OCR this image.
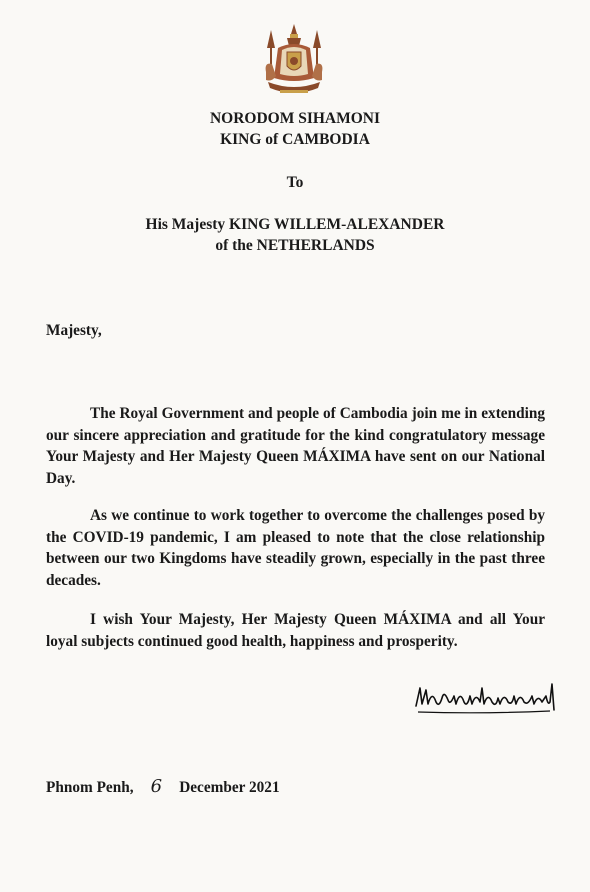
NORODOM SIHAMONI
KING of CAMBODIA
To
His Majesty KING WILLEM-ALEXANDER
of the NETHERLANDS
Majesty,
The Royal Government and people of Cambodia join me in extending our sincere appreciation and gratitude for the kind congratulatory message Your Majesty and Her Majesty Queen MÁXIMA have sent on our National Day.
As we continue to work together to overcome the challenges posed by the COVID-19 pandemic, I am pleased to note that the close relationship between our two Kingdoms have steadily grown, especially in the past three decades.
I wish Your Majesty, Her Majesty Queen MÁXIMA and all Your loyal subjects continued good health, happiness and prosperity.
Phnom Penh, 6 December 2021
